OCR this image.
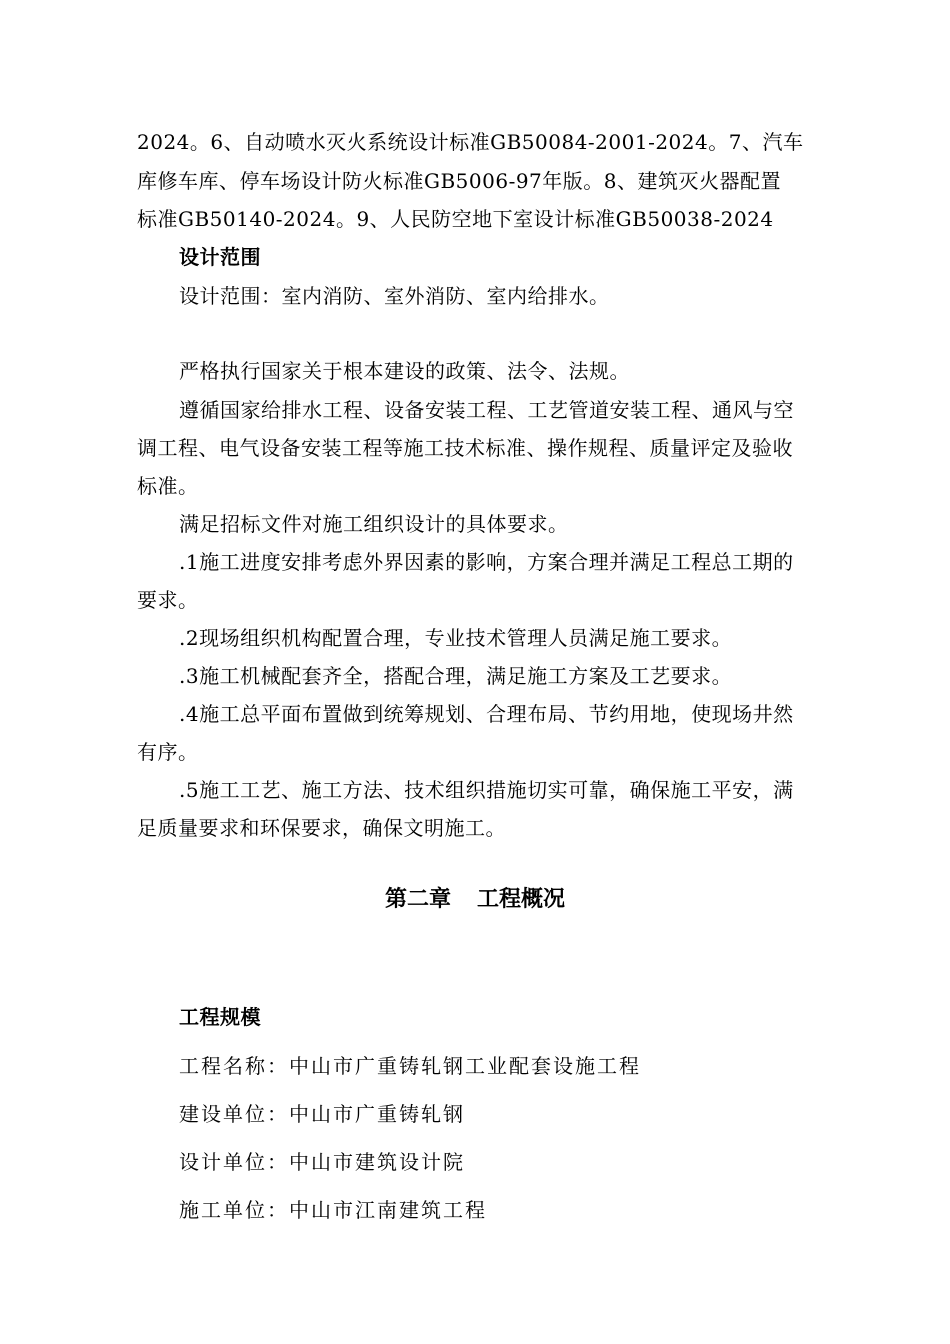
2024。6、自动喷水灭火系统设计标准GB50084-2001-2024。7、汽车
库修车库、停车场设计防火标准GB5006-97年版。8、建筑灭火器配置
标准GB50140-2024。9、人民防空地下室设计标准GB50038-2024
设计范围
设计范围：室内消防、室外消防、室内给排水。
严格执行国家关于根本建设的政策、法令、法规。
遵循国家给排水工程、设备安装工程、工艺管道安装工程、通风与空
调工程、电气设备安装工程等施工技术标准、操作规程、质量评定及验收
标准。
满足招标文件对施工组织设计的具体要求。
.1施工进度安排考虑外界因素的影响，方案合理并满足工程总工期的
要求。
.2现场组织机构配置合理，专业技术管理人员满足施工要求。
.3施工机械配套齐全，搭配合理，满足施工方案及工艺要求。
.4施工总平面布置做到统筹规划、合理布局、节约用地，使现场井然
有序。
.5施工工艺、施工方法、技术组织措施切实可靠，确保施工平安，满
足质量要求和环保要求，确保文明施工。
第二章 工程概况
工程规模
工程名称：中山市广重铸轧钢工业配套设施工程
建设单位：中山市广重铸轧钢
设计单位：中山市建筑设计院
施工单位：中山市江南建筑工程
